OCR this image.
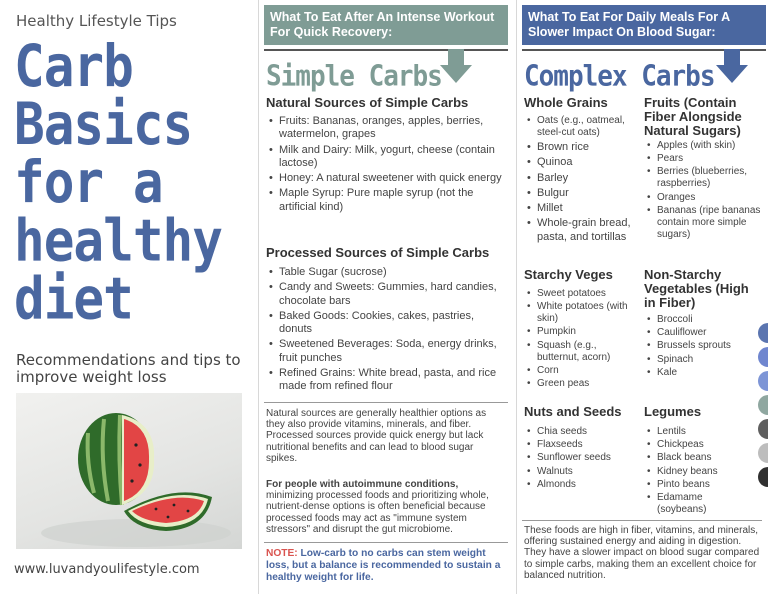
Healthy Lifestyle Tips
Carb
Basics
for a
healthy
diet
Recommendations and tips to improve weight loss
www.luvandyoulifestyle.com
What To Eat After An Intense Workout For Quick Recovery:
Simple Carbs
Natural Sources of Simple Carbs
• Fruits: Bananas, oranges, apples, berries, watermelon, grapes
• Milk and Dairy: Milk, yogurt, cheese (contain lactose)
• Honey: A natural sweetener with quick energy
• Maple Syrup: Pure maple syrup (not the artificial kind)
Processed Sources of Simple Carbs
• Table Sugar (sucrose)
• Candy and Sweets: Gummies, hard candies, chocolate bars
• Baked Goods: Cookies, cakes, pastries, donuts
• Sweetened Beverages: Soda, energy drinks, fruit punches
• Refined Grains: White bread, pasta, and rice made from refined flour
Natural sources are generally healthier options as they also provide vitamins, minerals, and fiber. Processed sources provide quick energy but lack nutritional benefits and can lead to blood sugar spikes.
For people with autoimmune conditions, minimizing processed foods and prioritizing whole, nutrient-dense options is often beneficial because processed foods may act as "immune system stressors" and disrupt the gut microbiome.
NOTE: Low-carb to no carbs can stem weight loss, but a balance is recommended to sustain a healthy weight for life.
What To Eat For Daily Meals For A Slower Impact On Blood Sugar:
Complex Carbs
Whole Grains
• Oats (e.g., oatmeal, steel-cut oats)
• Brown rice
• Quinoa
• Barley
• Bulgur
• Millet
• Whole-grain bread, pasta, and tortillas
Fruits (Contain Fiber Alongside Natural Sugars)
• Apples (with skin)
• Pears
• Berries (blueberries, raspberries)
• Oranges
• Bananas (ripe bananas contain more simple sugars)
Starchy Veges
• Sweet potatoes
• White potatoes (with skin)
• Pumpkin
• Squash (e.g., butternut, acorn)
• Corn
• Green peas
Non-Starchy Vegetables (High in Fiber)
• Broccoli
• Cauliflower
• Brussels sprouts
• Spinach
• Kale
Nuts and Seeds
• Chia seeds
• Flaxseeds
• Sunflower seeds
• Walnuts
• Almonds
Legumes
• Lentils
• Chickpeas
• Black beans
• Kidney beans
• Pinto beans
• Edamame (soybeans)
These foods are high in fiber, vitamins, and minerals, offering sustained energy and aiding in digestion. They have a slower impact on blood sugar compared to simple carbs, making them an excellent choice for balanced nutrition.
